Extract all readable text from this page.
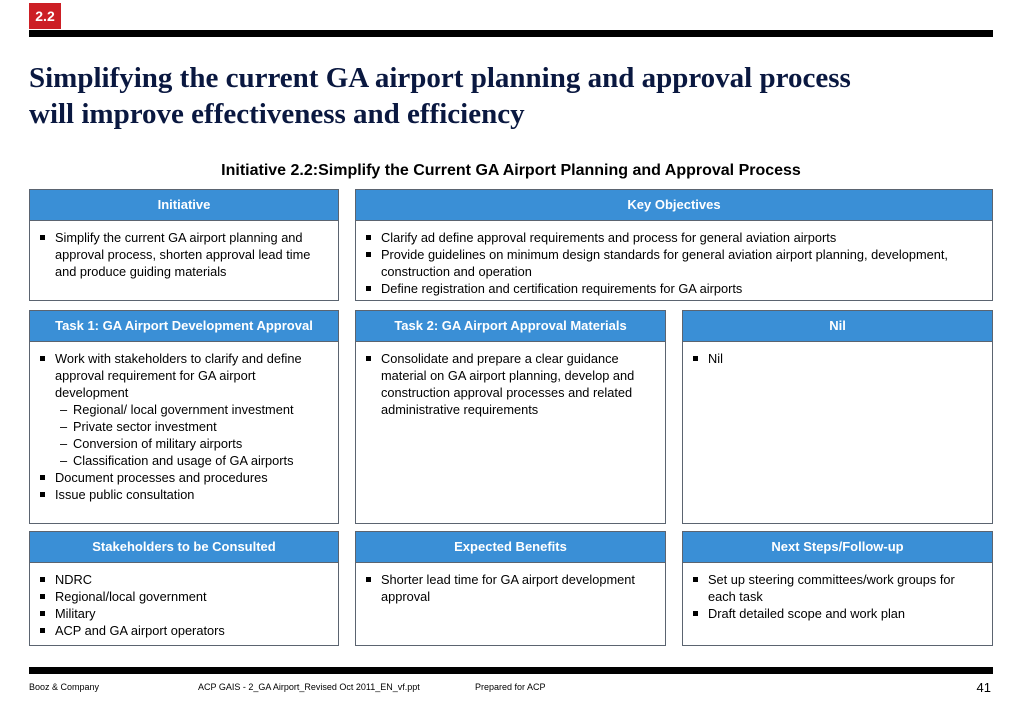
2.2
Simplifying the current GA airport planning and approval process
will improve effectiveness and efficiency
Initiative 2.2:Simplify the Current GA Airport Planning and Approval Process
Initiative
Simplify the current GA airport planning and approval process, shorten approval lead time and produce guiding materials
Key Objectives
Clarify ad define approval requirements and process for general aviation airports
Provide guidelines on minimum design standards for general aviation airport planning, development, construction and operation
Define registration and certification requirements for GA airports
Task 1: GA Airport Development Approval
Work with stakeholders to clarify and define approval requirement for GA airport development
– Regional/ local government investment
– Private sector investment
– Conversion of military airports
– Classification and usage of GA airports
Document processes and procedures
Issue public consultation
Task 2: GA Airport Approval Materials
Consolidate and prepare a clear guidance material on GA airport planning, develop and construction approval processes and related administrative requirements
Nil
Nil
Stakeholders to be Consulted
NDRC
Regional/local government
Military
ACP and GA airport operators
Expected Benefits
Shorter lead time for GA airport development approval
Next Steps/Follow-up
Set up steering committees/work groups for each task
Draft detailed scope and work plan
Booz & Company	ACP GAIS - 2_GA Airport_Revised Oct 2011_EN_vf.ppt	Prepared for ACP	41
